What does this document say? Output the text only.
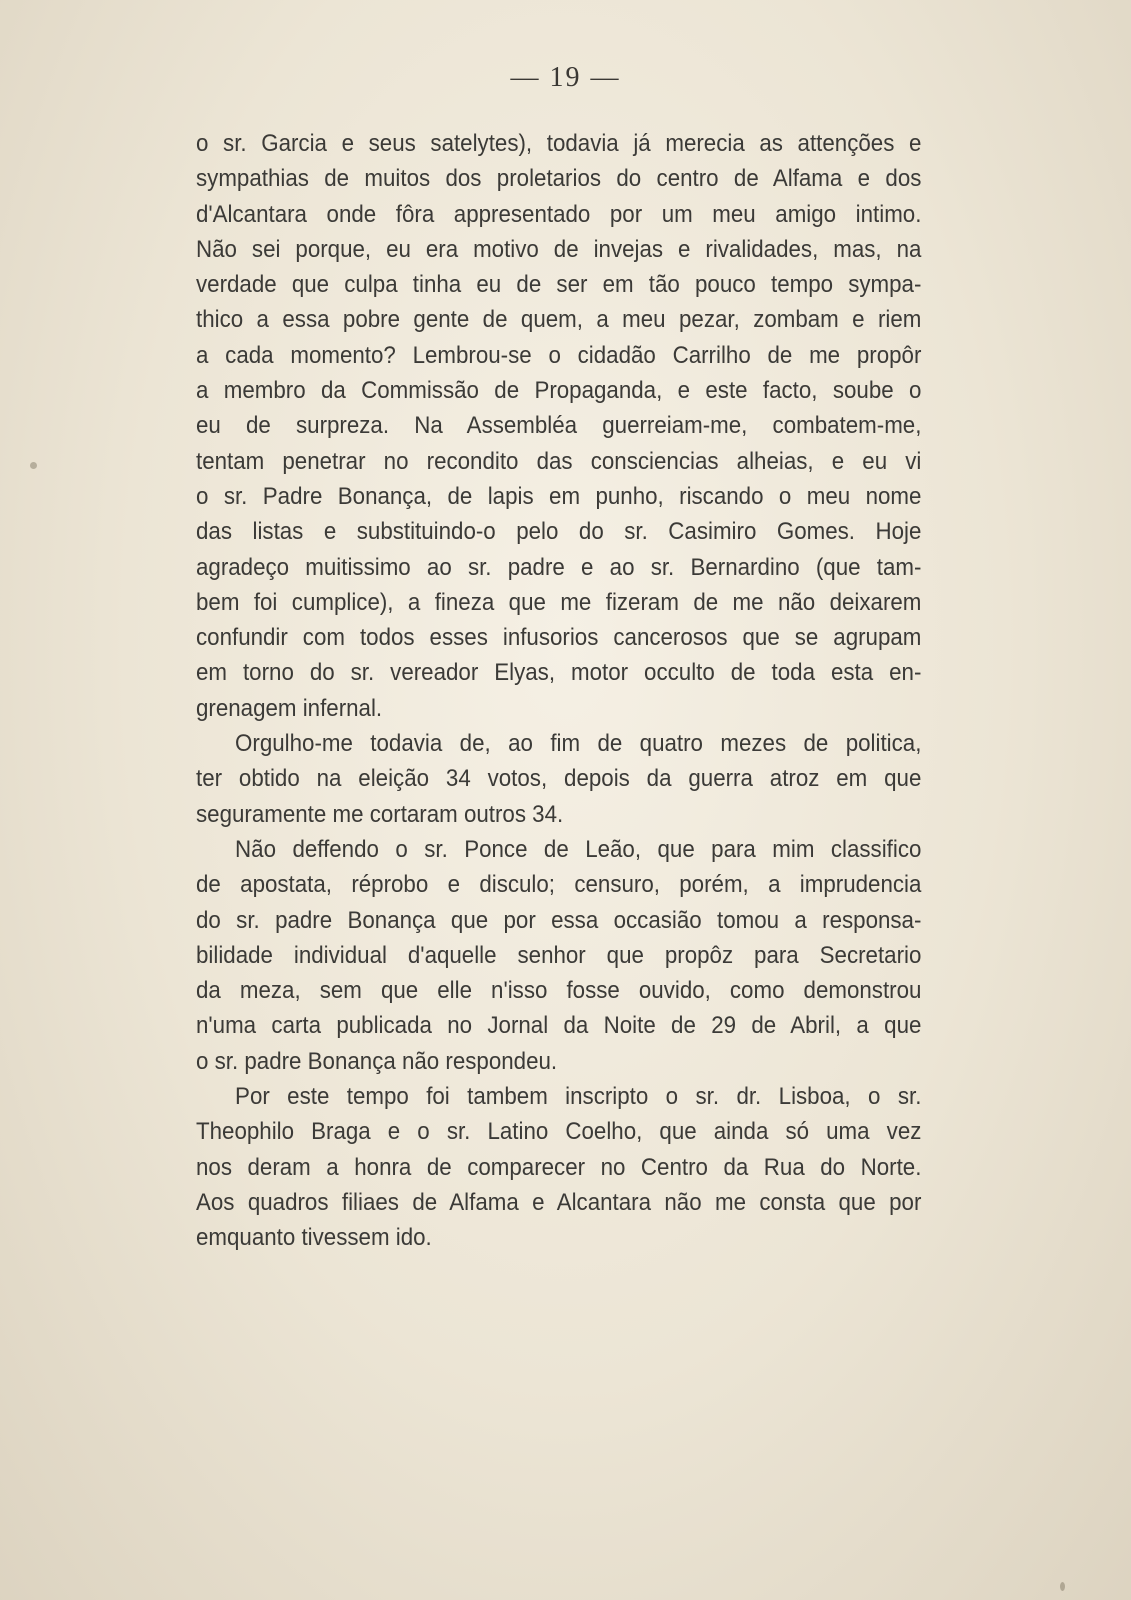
— 19 —
o sr. Garcia e seus satelytes), todavia já merecia as attenções e
sympathias de muitos dos proletarios do centro de Alfama e dos
d'Alcantara onde fôra appresentado por um meu amigo intimo.
Não sei porque, eu era motivo de invejas e rivalidades, mas, na
verdade que culpa tinha eu de ser em tão pouco tempo sympa-
thico a essa pobre gente de quem, a meu pezar, zombam e riem
a cada momento? Lembrou-se o cidadão Carrilho de me propôr
a membro da Commissão de Propaganda, e este facto, soube o
eu de surpreza. Na Assembléa guerreiam-me, combatem-me,
tentam penetrar no recondito das consciencias alheias, e eu vi
o sr. Padre Bonança, de lapis em punho, riscando o meu nome
das listas e substituindo-o pelo do sr. Casimiro Gomes. Hoje
agradeço muitissimo ao sr. padre e ao sr. Bernardino (que tam-
bem foi cumplice), a fineza que me fizeram de me não deixarem
confundir com todos esses infusorios cancerosos que se agrupam
em torno do sr. vereador Elyas, motor occulto de toda esta en-
grenagem infernal.
Orgulho-me todavia de, ao fim de quatro mezes de politica,
ter obtido na eleição 34 votos, depois da guerra atroz em que
seguramente me cortaram outros 34.
Não deffendo o sr. Ponce de Leão, que para mim classifico
de apostata, réprobo e disculo; censuro, porém, a imprudencia
do sr. padre Bonança que por essa occasião tomou a responsa-
bilidade individual d'aquelle senhor que propôz para Secretario
da meza, sem que elle n'isso fosse ouvido, como demonstrou
n'uma carta publicada no Jornal da Noite de 29 de Abril, a que
o sr. padre Bonança não respondeu.
Por este tempo foi tambem inscripto o sr. dr. Lisboa, o sr.
Theophilo Braga e o sr. Latino Coelho, que ainda só uma vez
nos deram a honra de comparecer no Centro da Rua do Norte.
Aos quadros filiaes de Alfama e Alcantara não me consta que por
emquanto tivessem ido.
